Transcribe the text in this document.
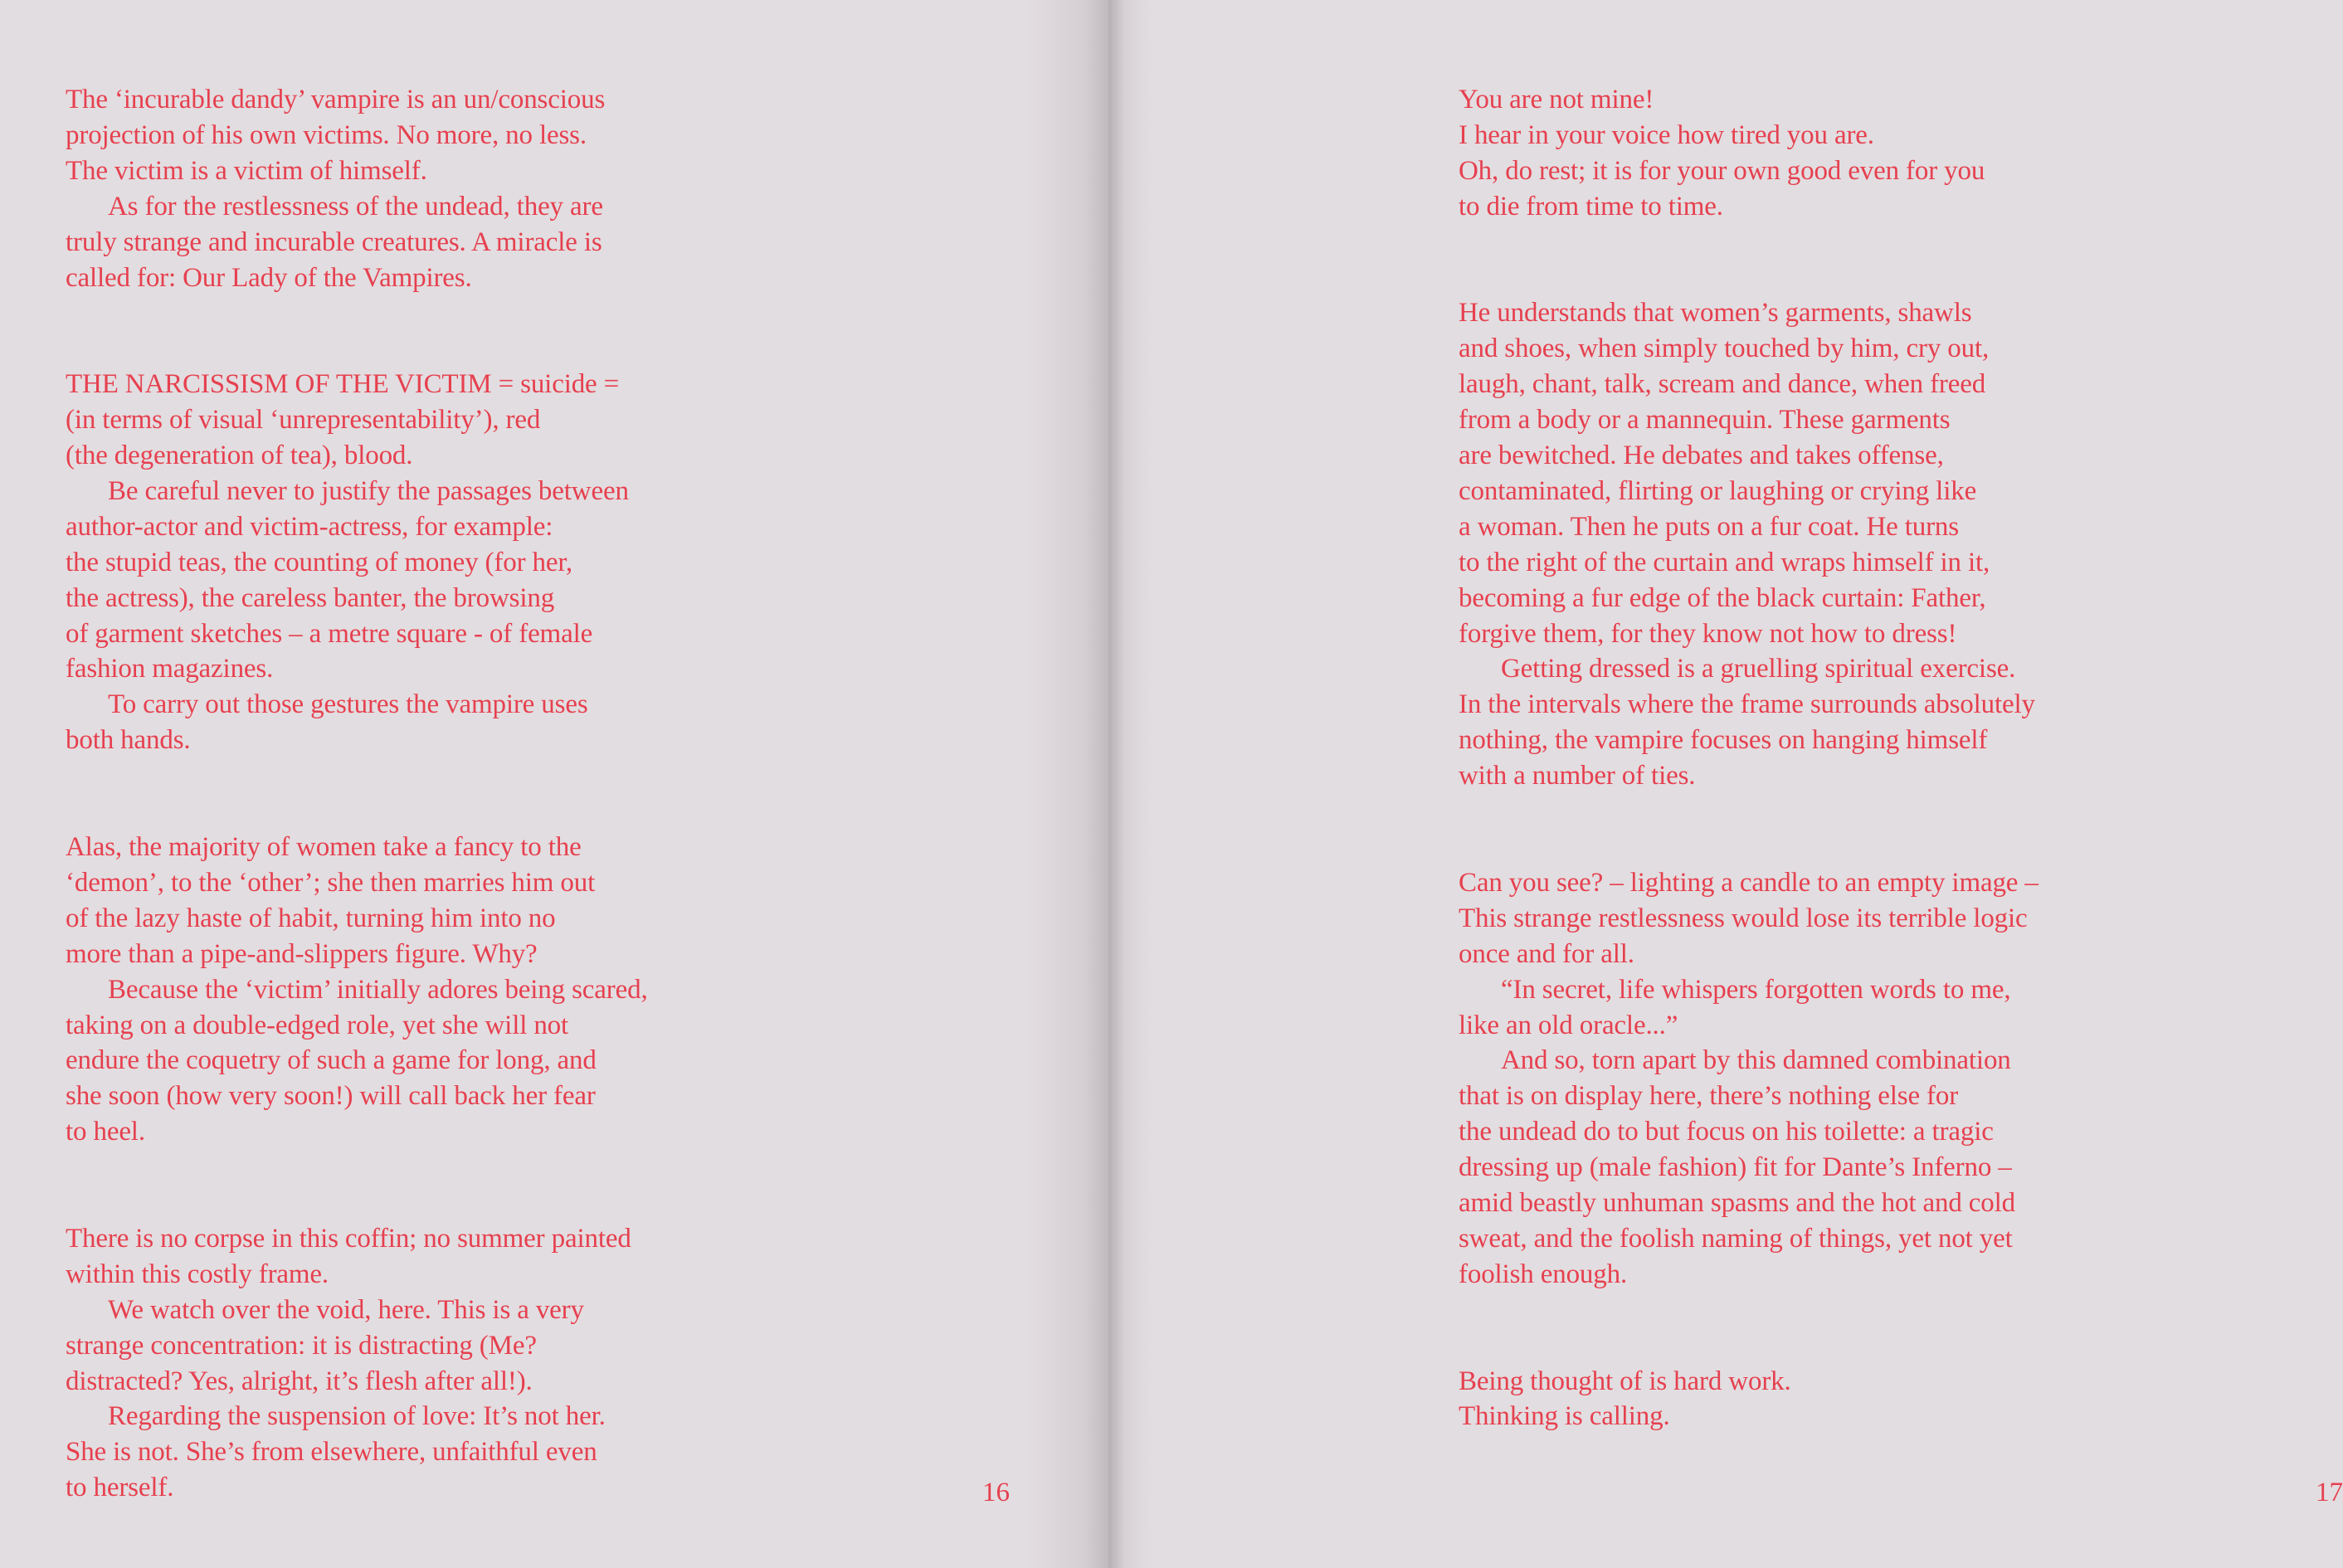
The ‘incurable dandy’ vampire is an un/conscious
projection of his own victims. No more, no less.
The victim is a victim of himself.

As for the restlessness of the undead, they are
truly strange and incurable creatures. A miracle is
called for: Our Lady of the Vampires.

THE NARCISSISM OF THE VICTIM = suicide =
(in terms of visual ‘unrepresentability’), red
(the degeneration of tea), blood.

Be careful never to justify the passages between
author-actor and victim-actress, for example:
the stupid teas, the counting of money (for her,
the actress), the careless banter, the browsing
of garment sketches – a metre square - of female
fashion magazines.

To carry out those gestures the vampire uses
both hands.

Alas, the majority of women take a fancy to the
‘demon’, to the ‘other’; she then marries him out
of the lazy haste of habit, turning him into no
more than a pipe-and-slippers figure. Why?

Because the ‘victim’ initially adores being scared,
taking on a double-edged role, yet she will not
endure the coquetry of such a game for long, and
she soon (how very soon!) will call back her fear
to heel.

There is no corpse in this coffin; no summer painted
within this costly frame.

We watch over the void, here. This is a very
strange concentration: it is distracting (Me?
distracted? Yes, alright, it’s flesh after all!).

Regarding the suspension of love: It’s not her.
She is not. She’s from elsewhere, unfaithful even
to herself.	16	17

You are not mine!
I hear in your voice how tired you are.
Oh, do rest; it is for your own good even for you
to die from time to time.

He understands that women’s garments, shawls
and shoes, when simply touched by him, cry out,
laugh, chant, talk, scream and dance, when freed
from a body or a mannequin. These garments
are bewitched. He debates and takes offense,
contaminated, flirting or laughing or crying like
a woman. Then he puts on a fur coat. He turns
to the right of the curtain and wraps himself in it,
becoming a fur edge of the black curtain: Father,
forgive them, for they know not how to dress!

Getting dressed is a gruelling spiritual exercise.
In the intervals where the frame surrounds absolutely
nothing, the vampire focuses on hanging himself
with a number of ties.

Can you see? – lighting a candle to an empty image –
This strange restlessness would lose its terrible logic
once and for all.

“In secret, life whispers forgotten words to me,
like an old oracle...”

And so, torn apart by this damned combination
that is on display here, there’s nothing else for
the undead do to but focus on his toilette: a tragic
dressing up (male fashion) fit for Dante’s Inferno –
amid beastly unhuman spasms and the hot and cold
sweat, and the foolish naming of things, yet not yet
foolish enough.

Being thought of is hard work.
Thinking is calling.
